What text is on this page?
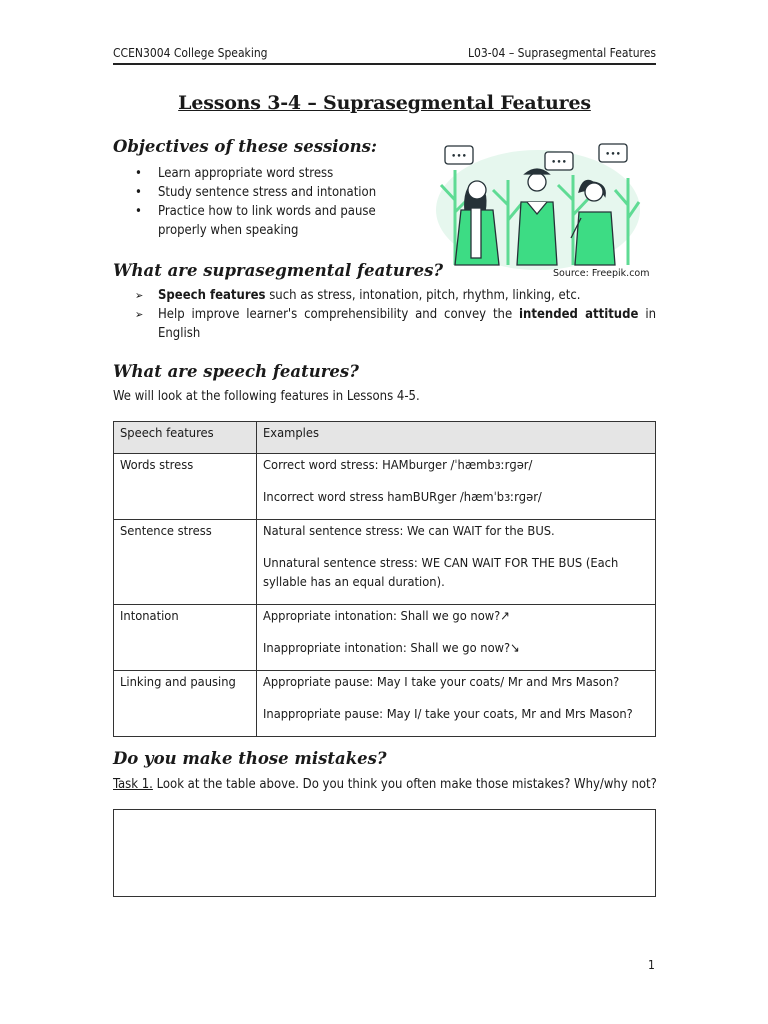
CCEN3004 College Speaking	L03-04 – Suprasegmental Features
Lessons 3-4 – Suprasegmental Features
Objectives of these sessions:
• Learn appropriate word stress
• Study sentence stress and intonation
• Practice how to link words and pause
properly when speaking
•••
•••
•••
Source: Freepik.com
What are suprasegmental features?
➢ Speech features such as stress, intonation, pitch, rhythm, linking, etc.
➢ Help improve learner's comprehensibility and convey the intended attitude in English
What are speech features?
We will look at the following features in Lessons 4-5.
Speech features	Examples
Words stress	Correct word stress: HAMburger /ˈhæmbɜːrɡər/

Incorrect word stress hamBURger /hæmˈbɜːrɡər/

Sentence stress	Natural sentence stress: We can WAIT for the BUS.

Unnatural sentence stress: WE CAN WAIT FOR THE BUS (Each syllable has an equal duration).

Intonation	Appropriate intonation: Shall we go now?↗

Inappropriate intonation: Shall we go now?↘

Linking and pausing	Appropriate pause: May I take your coats/ Mr and Mrs Mason?

Inappropriate pause: May I/ take your coats, Mr and Mrs Mason?

Do you make those mistakes?
Task 1. Look at the table above. Do you think you often make those mistakes? Why/why not?
1
